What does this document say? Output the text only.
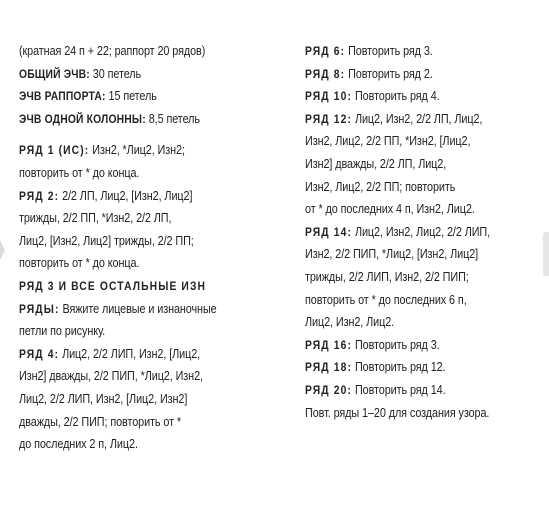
(кратная 24 п + 22; раппорт 20 рядов)
ОБЩИЙ ЭЧВ: 30 петель
ЭЧВ РАППОРТА: 15 петель
ЭЧВ ОДНОЙ КОЛОННЫ: 8,5 петель
РЯД 1 (ИС): Изн2, *Лиц2, Изн2;
повторить от * до конца.
РЯД 2: 2/2 ЛП, Лиц2, [Изн2, Лиц2]
трижды, 2/2 ПП, *Изн2, 2/2 ЛП,
Лиц2, [Изн2, Лиц2] трижды, 2/2 ПП;
повторить от * до конца.
РЯД 3 И ВСЕ ОСТАЛЬНЫЕ ИЗН
РЯДЫ: Вяжите лицевые и изнаночные
петли по рисунку.
РЯД 4: Лиц2, 2/2 ЛИП, Изн2, [Лиц2,
Изн2] дважды, 2/2 ПИП, *Лиц2, Изн2,
Лиц2, 2/2 ЛИП, Изн2, [Лиц2, Изн2]
дважды, 2/2 ПИП; повторить от *
до последних 2 п, Лиц2.
РЯД 6: Повторить ряд 3.
РЯД 8: Повторить ряд 2.
РЯД 10: Повторить ряд 4.
РЯД 12: Лиц2, Изн2, 2/2 ЛП, Лиц2,
Изн2, Лиц2, 2/2 ПП, *Изн2, [Лиц2,
Изн2] дважды, 2/2 ЛП, Лиц2,
Изн2, Лиц2, 2/2 ПП; повторить
от * до последних 4 п, Изн2, Лиц2.
РЯД 14: Лиц2, Изн2, Лиц2, 2/2 ЛИП,
Изн2, 2/2 ПИП, *Лиц2, [Изн2, Лиц2]
трижды, 2/2 ЛИП, Изн2, 2/2 ПИП;
повторить от * до последних 6 п,
Лиц2, Изн2, Лиц2.
РЯД 16: Повторить ряд 3.
РЯД 18: Повторить ряд 12.
РЯД 20: Повторить ряд 14.
Повт. ряды 1–20 для создания узора.
